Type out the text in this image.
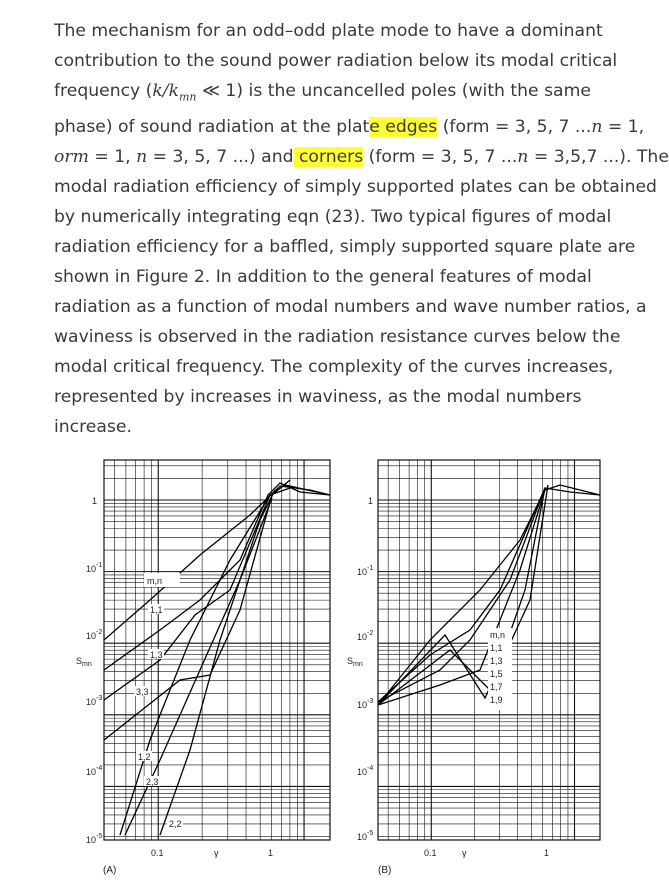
The mechanism for an odd–odd plate mode to have a dominant
contribution to the sound power radiation below its modal critical
frequency ($k/k_{mn}$ ≪ 1) is the uncancelled poles (with the same
phase) of sound radiation at the plate edges (form = 3, 5, 7 ...n = 1,
orm = 1, n = 3, 5, 7 ...) and corners (form = 3, 5, 7 ...n = 3,5,7 ...). The
modal radiation efficiency of simply supported plates can be obtained
by numerically integrating eqn (23). Two typical figures of modal
radiation efficiency for a baffled, simply supported square plate are
shown in Figure 2. In addition to the general features of modal
radiation as a function of modal numbers and wave number ratios, a
waviness is observed in the radiation resistance curves below the
modal critical frequency. The complexity of the curves increases,
represented by increases in waviness, as the modal numbers
increase.
1
$10^{-1}$
$10^{-2}$
$10^{-3}$
$10^{-4}$
$10^{-5}$
$S_{mn}$
0.1	γ	1
(A)
m,n
1,1
1,3
3,3
1,2
2,3
2,2
1
$10^{-1}$
$10^{-2}$
$10^{-3}$
$10^{-4}$
$10^{-5}$
$S_{mn}$
0.1	γ	1
(B)
m,n
1,1
1,3
1,5
1,7
1,9
